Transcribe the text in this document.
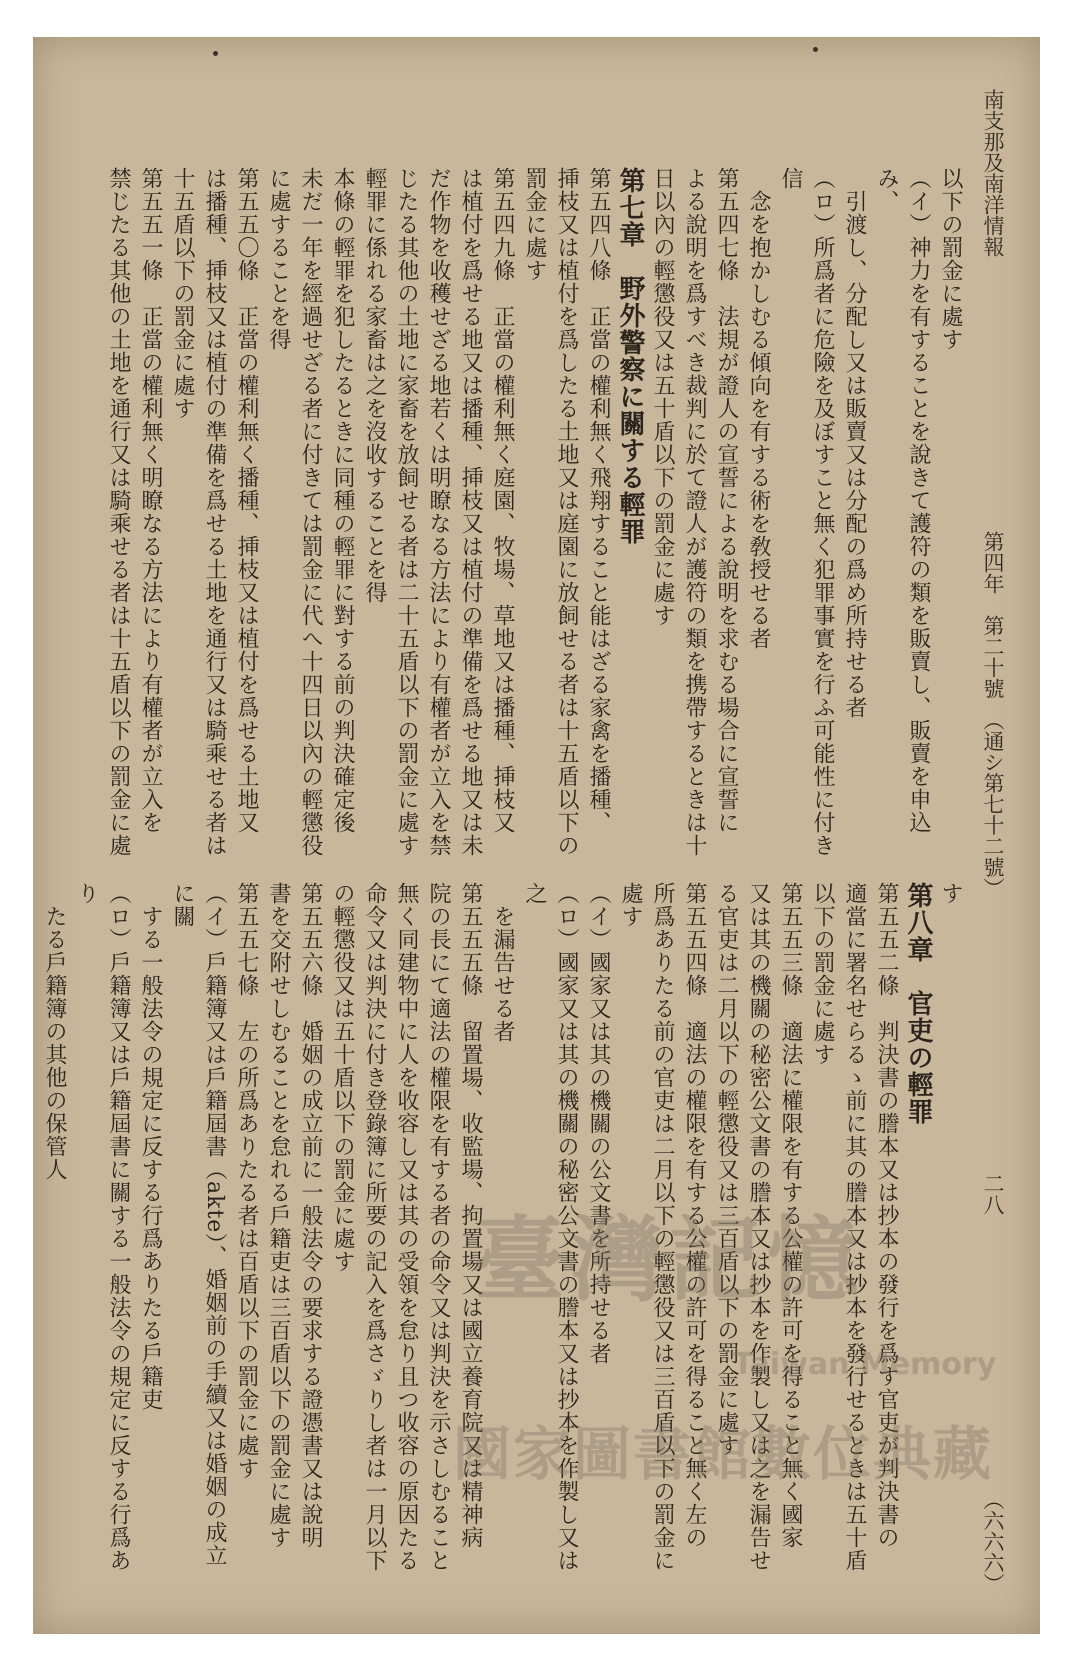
南支那及南洋情報
第四年　第二十號　（通シ第七十二號）
二八
（六六六）

以下の罰金に處す

（イ）神力を有することを說きて護符の類を販賣し、販賣を申込み、

　引渡し、分配し又は販賣又は分配の爲め所持せる者

（ロ）所爲者に危險を及ぼすこと無く犯罪事實を行ふ可能性に付き信

　念を抱かしむる傾向を有する術を敎授せる者

第五四七條　法規が證人の宣誓による說明を求むる場合に宣誓に

よる說明を爲すべき裁判に於て證人が護符の類を携帶するときは十

日以內の輕懲役又は五十盾以下の罰金に處す

第七章　野外警察に關する輕罪

第五四八條　正當の權利無く飛翔すること能はざる家禽を播種、

挿枝又は植付を爲したる土地又は庭園に放飼せる者は十五盾以下の

罰金に處す

第五四九條　正當の權利無く庭園、牧場、草地又は播種、挿枝又

は植付を爲せる地又は播種、挿枝又は植付の準備を爲せる地又は未

だ作物を收穫せざる地若くは明瞭なる方法により有權者が立入を禁

じたる其他の土地に家畜を放飼せる者は二十五盾以下の罰金に處す

輕罪に係れる家畜は之を沒收することを得

本條の輕罪を犯したるときに同種の輕罪に對する前の判決確定後

未だ一年を經過せざる者に付きては罰金に代へ十四日以內の輕懲役

に處することを得

第五五〇條　正當の權利無く播種、挿枝又は植付を爲せる土地又

は播種、挿枝又は植付の準備を爲せる土地を通行又は騎乘せる者は

十五盾以下の罰金に處す

第五五一條　正當の權利無く明瞭なる方法により有權者が立入を

禁じたる其他の土地を通行又は騎乘せる者は十五盾以下の罰金に處

す

第八章　官吏の輕罪

第五五二條　判決書の謄本又は抄本の發行を爲す官吏が判決書の

適當に署名せらるゝ前に其の謄本又は抄本を發行せるときは五十盾

以下の罰金に處す

第五五三條　適法に權限を有する公權の許可を得ること無く國家

又は其の機關の秘密公文書の謄本又は抄本を作製し又は之を漏告せ

る官吏は二月以下の輕懲役又は三百盾以下の罰金に處す

第五五四條　適法の權限を有する公權の許可を得ること無く左の

所爲ありたる前の官吏は二月以下の輕懲役又は三百盾以下の罰金に

處す

（イ）國家又は其の機關の公文書を所持せる者

（ロ）國家又は其の機關の秘密公文書の謄本又は抄本を作製し又は之

　を漏告せる者

第五五五條　留置場、收監場、拘置場又は國立養育院又は精神病

院の長にて適法の權限を有する者の命令又は判決を示さしむること

無く同建物中に人を收容し又は其の受領を怠り且つ收容の原因たる

命令又は判決に付き登錄簿に所要の記入を爲さゞりし者は一月以下

の輕懲役又は五十盾以下の罰金に處す

第五五六條　婚姻の成立前に一般法令の要求する證憑書又は說明

書を交附せしむることを怠れる戶籍吏は三百盾以下の罰金に處す

第五五七條　左の所爲ありたる者は百盾以下の罰金に處す

（イ）戶籍簿又は戶籍屆書（akte）、婚姻前の手續又は婚姻の成立に關

　する一般法令の規定に反する行爲ありたる戶籍吏

（ロ）戶籍簿又は戶籍屆書に關する一般法令の規定に反する行爲あり

　たる戶籍簿の其他の保管人

臺灣記憶
Taiwan Memory
國家圖書館數位典藏
